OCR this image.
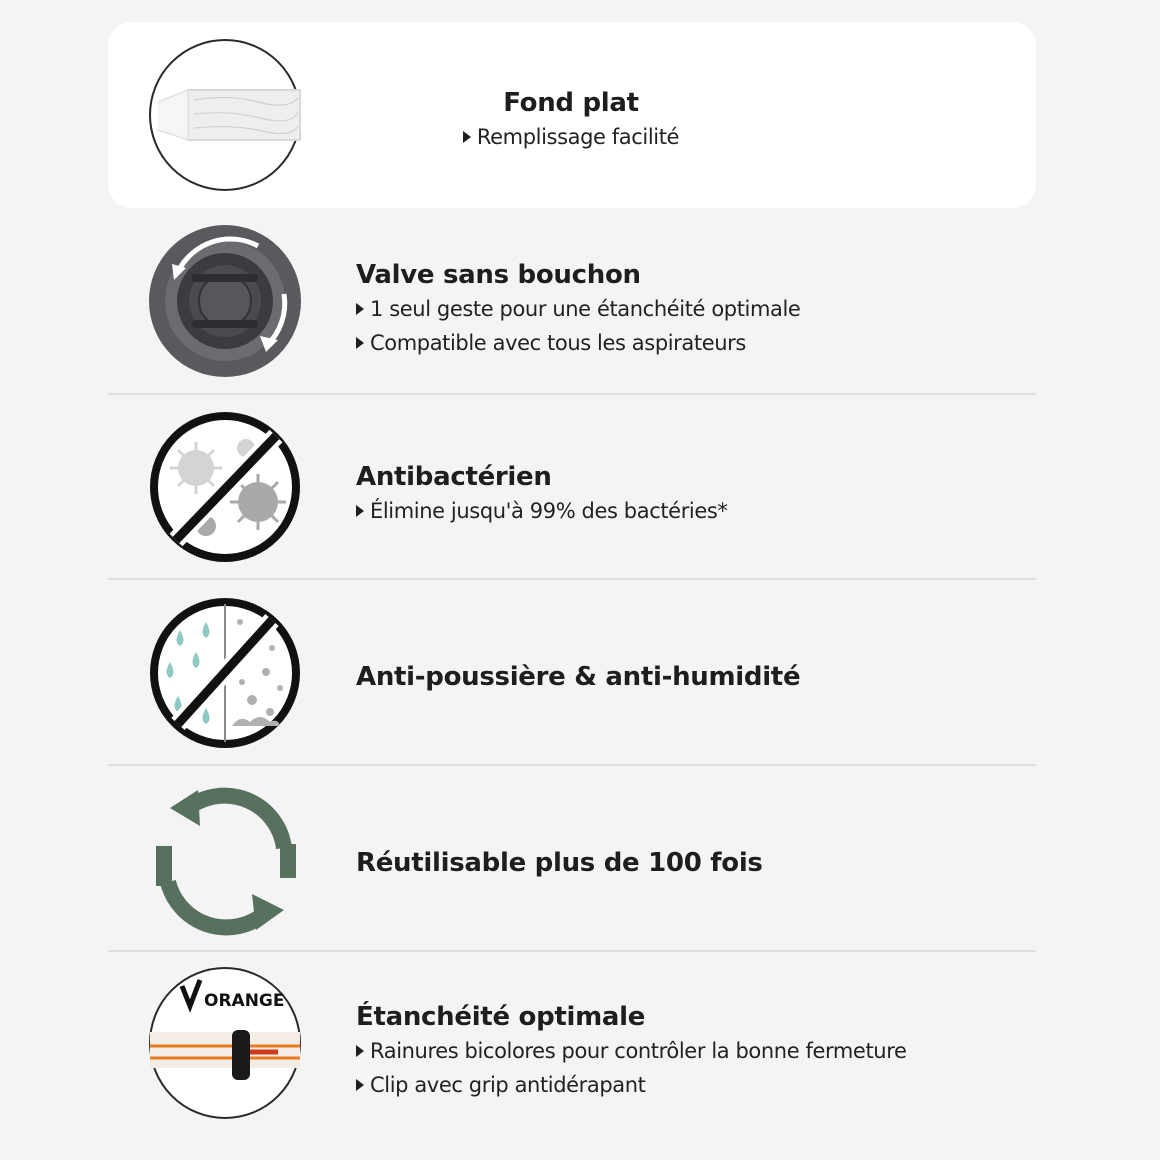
Fond plat
Remplissage facilité
Valve sans bouchon
1 seul geste pour une étanchéité optimale
Compatible avec tous les aspirateurs
Antibactérien
Élimine jusqu'à 99% des bactéries*
Anti-poussière & anti-humidité
Réutilisable plus de 100 fois
ORANGE
Étanchéité optimale
Rainures bicolores pour contrôler la bonne fermeture
Clip avec grip antidérapant
